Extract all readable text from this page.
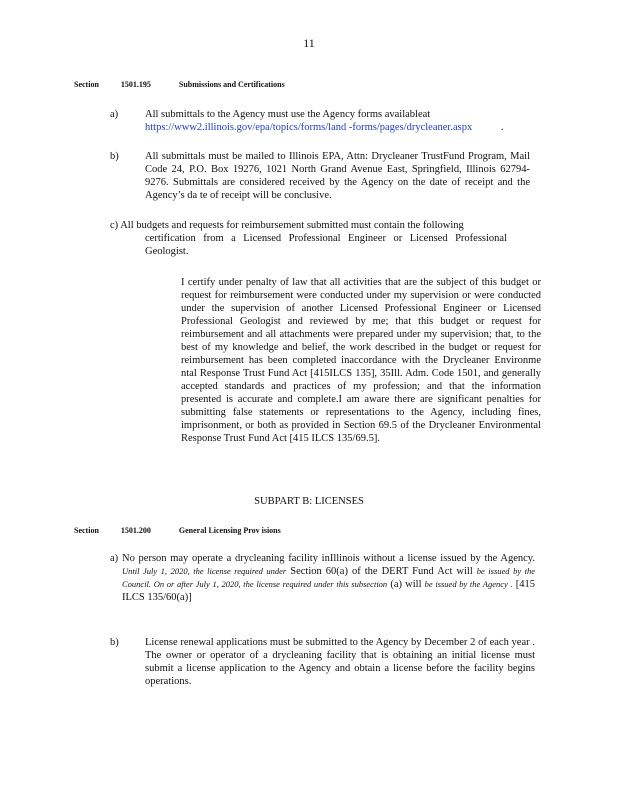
11
Section	1501.195	Submissions and Certifications
a)	All submittals to the Agency must use the Agency forms availableat
https://www2.illinois.gov/epa/topics/forms/land -forms/pages/drycleaner.aspx	.
b)	All submittals must be mailed to Illinois EPA, Attn: Drycleaner TrustFund Program, Mail Code 24, P.O. Box 19276, 1021 North Grand Avenue East, Springfield, Illinois 62794-9276. Submittals are considered received by the Agency on the date of receipt and the Agency’s da te of receipt will be conclusive.
c) All budgets and requests for reimbursement submitted must contain the following
certification from a Licensed Professional Engineer or Licensed Professional Geologist.
I certify under penalty of law that all activities that are the subject of this budget or request for reimbursement were conducted under my supervision or were conducted under the supervision of another Licensed Professional Engineer or Licensed Professional Geologist and reviewed by me; that this budget or request for reimbursement and all attachments were prepared under my supervision; that, to the best of my knowledge and belief, the work described in the budget or request for reimbursement has been completed inaccordance with the Drycleaner Environme ntal Response Trust Fund Act [415ILCS 135], 35Ill. Adm. Code 1501, and generally accepted standards and practices of my profession; and that the information presented is accurate and complete.I am aware there are significant penalties for submitting false statements or representations to the Agency, including fines, imprisonment, or both as provided in Section 69.5 of the Drycleaner Environmental Response Trust Fund Act [415 ILCS 135/69.5].
SUBPART B: LICENSES
Section	1501.200	General Licensing Prov isions
a) No person may operate a drycleaning facility inIllinois without a license issued by the Agency. Until July 1, 2020, the license required under Section 60(a) of the DERT Fund Act will be issued by the Council. On or after July 1, 2020, the license required under this subsection (a) will be issued by the Agency . [415 ILCS 135/60(a)]
b)	License renewal applications must be submitted to the Agency by December 2 of each year . The owner or operator of a drycleaning facility that is obtaining an initial license must submit a license application to the Agency and obtain a license before the facility begins operations.
